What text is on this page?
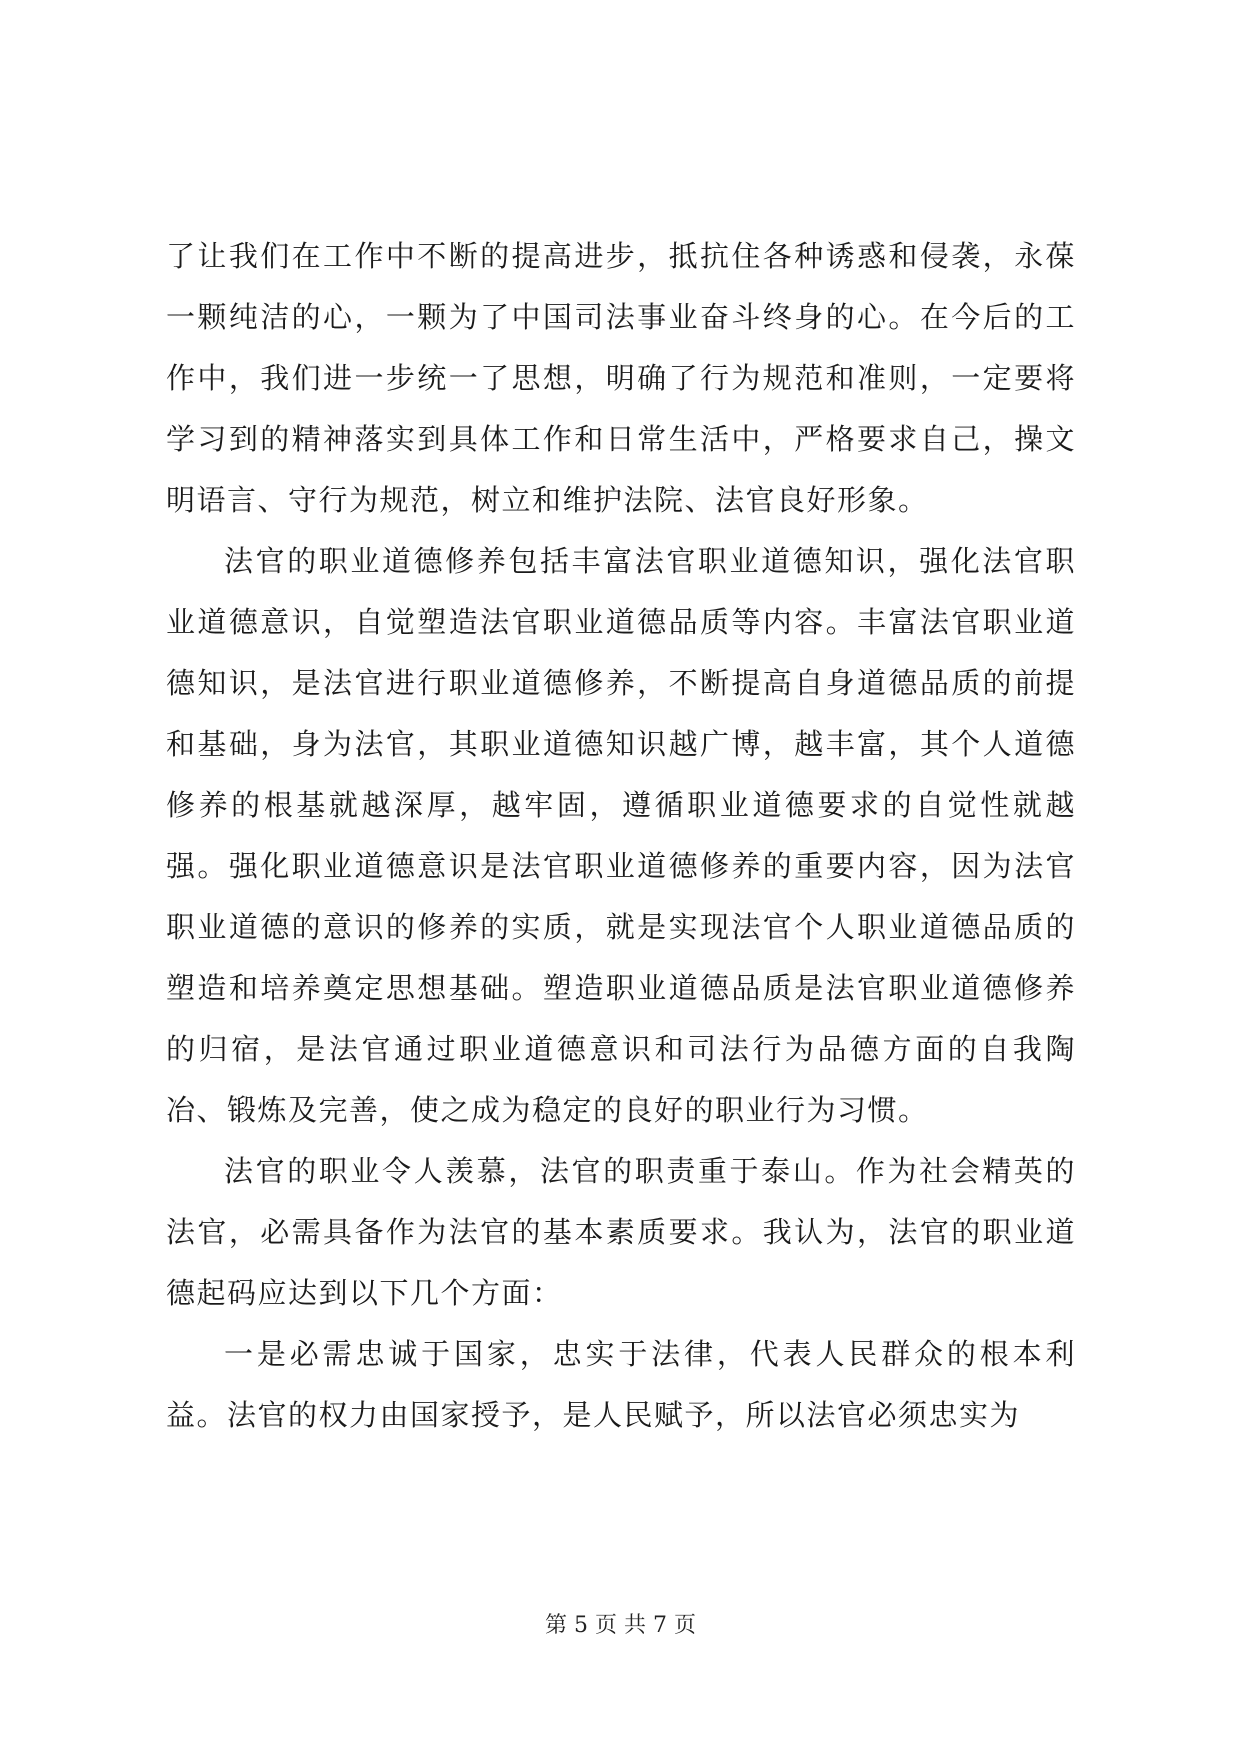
了让我们在工作中不断的提高进步，抵抗住各种诱惑和侵袭，永葆一颗纯洁的心，一颗为了中国司法事业奋斗终身的心。在今后的工作中，我们进一步统一了思想，明确了行为规范和准则，一定要将学习到的精神落实到具体工作和日常生活中，严格要求自己，操文明语言、守行为规范，树立和维护法院、法官良好形象。

法官的职业道德修养包括丰富法官职业道德知识，强化法官职业道德意识，自觉塑造法官职业道德品质等内容。丰富法官职业道德知识，是法官进行职业道德修养，不断提高自身道德品质的前提和基础，身为法官，其职业道德知识越广博，越丰富，其个人道德修养的根基就越深厚，越牢固，遵循职业道德要求的自觉性就越强。强化职业道德意识是法官职业道德修养的重要内容，因为法官职业道德的意识的修养的实质，就是实现法官个人职业道德品质的塑造和培养奠定思想基础。塑造职业道德品质是法官职业道德修养的归宿，是法官通过职业道德意识和司法行为品德方面的自我陶冶、锻炼及完善，使之成为稳定的良好的职业行为习惯。

法官的职业令人羡慕，法官的职责重于泰山。作为社会精英的法官，必需具备作为法官的基本素质要求。我认为，法官的职业道德起码应达到以下几个方面：

一是必需忠诚于国家，忠实于法律，代表人民群众的根本利益。法官的权力由国家授予，是人民赋予，所以法官必须忠实为

第 5 页 共 7 页
